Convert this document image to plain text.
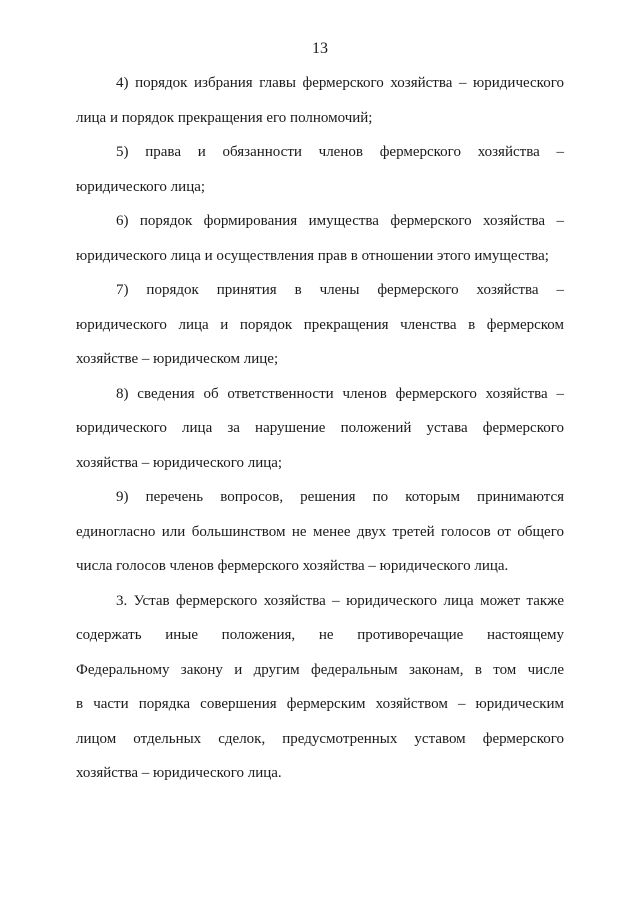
13
4) порядок избрания главы фермерского хозяйства – юридического
лица и порядок прекращения его полномочий;
5) права и обязанности членов фермерского хозяйства –
юридического лица;
6) порядок формирования имущества фермерского хозяйства –
юридического лица и осуществления прав в отношении этого имущества;
7) порядок принятия в члены фермерского хозяйства –
юридического лица и порядок прекращения членства в фермерском
хозяйстве – юридическом лице;
8) сведения об ответственности членов фермерского хозяйства –
юридического лица за нарушение положений устава фермерского
хозяйства – юридического лица;
9) перечень вопросов, решения по которым принимаются
единогласно или большинством не менее двух третей голосов от общего
числа голосов членов фермерского хозяйства – юридического лица.
3. Устав фермерского хозяйства – юридического лица может также
содержать иные положения, не противоречащие настоящему
Федеральному закону и другим федеральным законам, в том числе
в части порядка совершения фермерским хозяйством – юридическим
лицом отдельных сделок, предусмотренных уставом фермерского
хозяйства – юридического лица.
